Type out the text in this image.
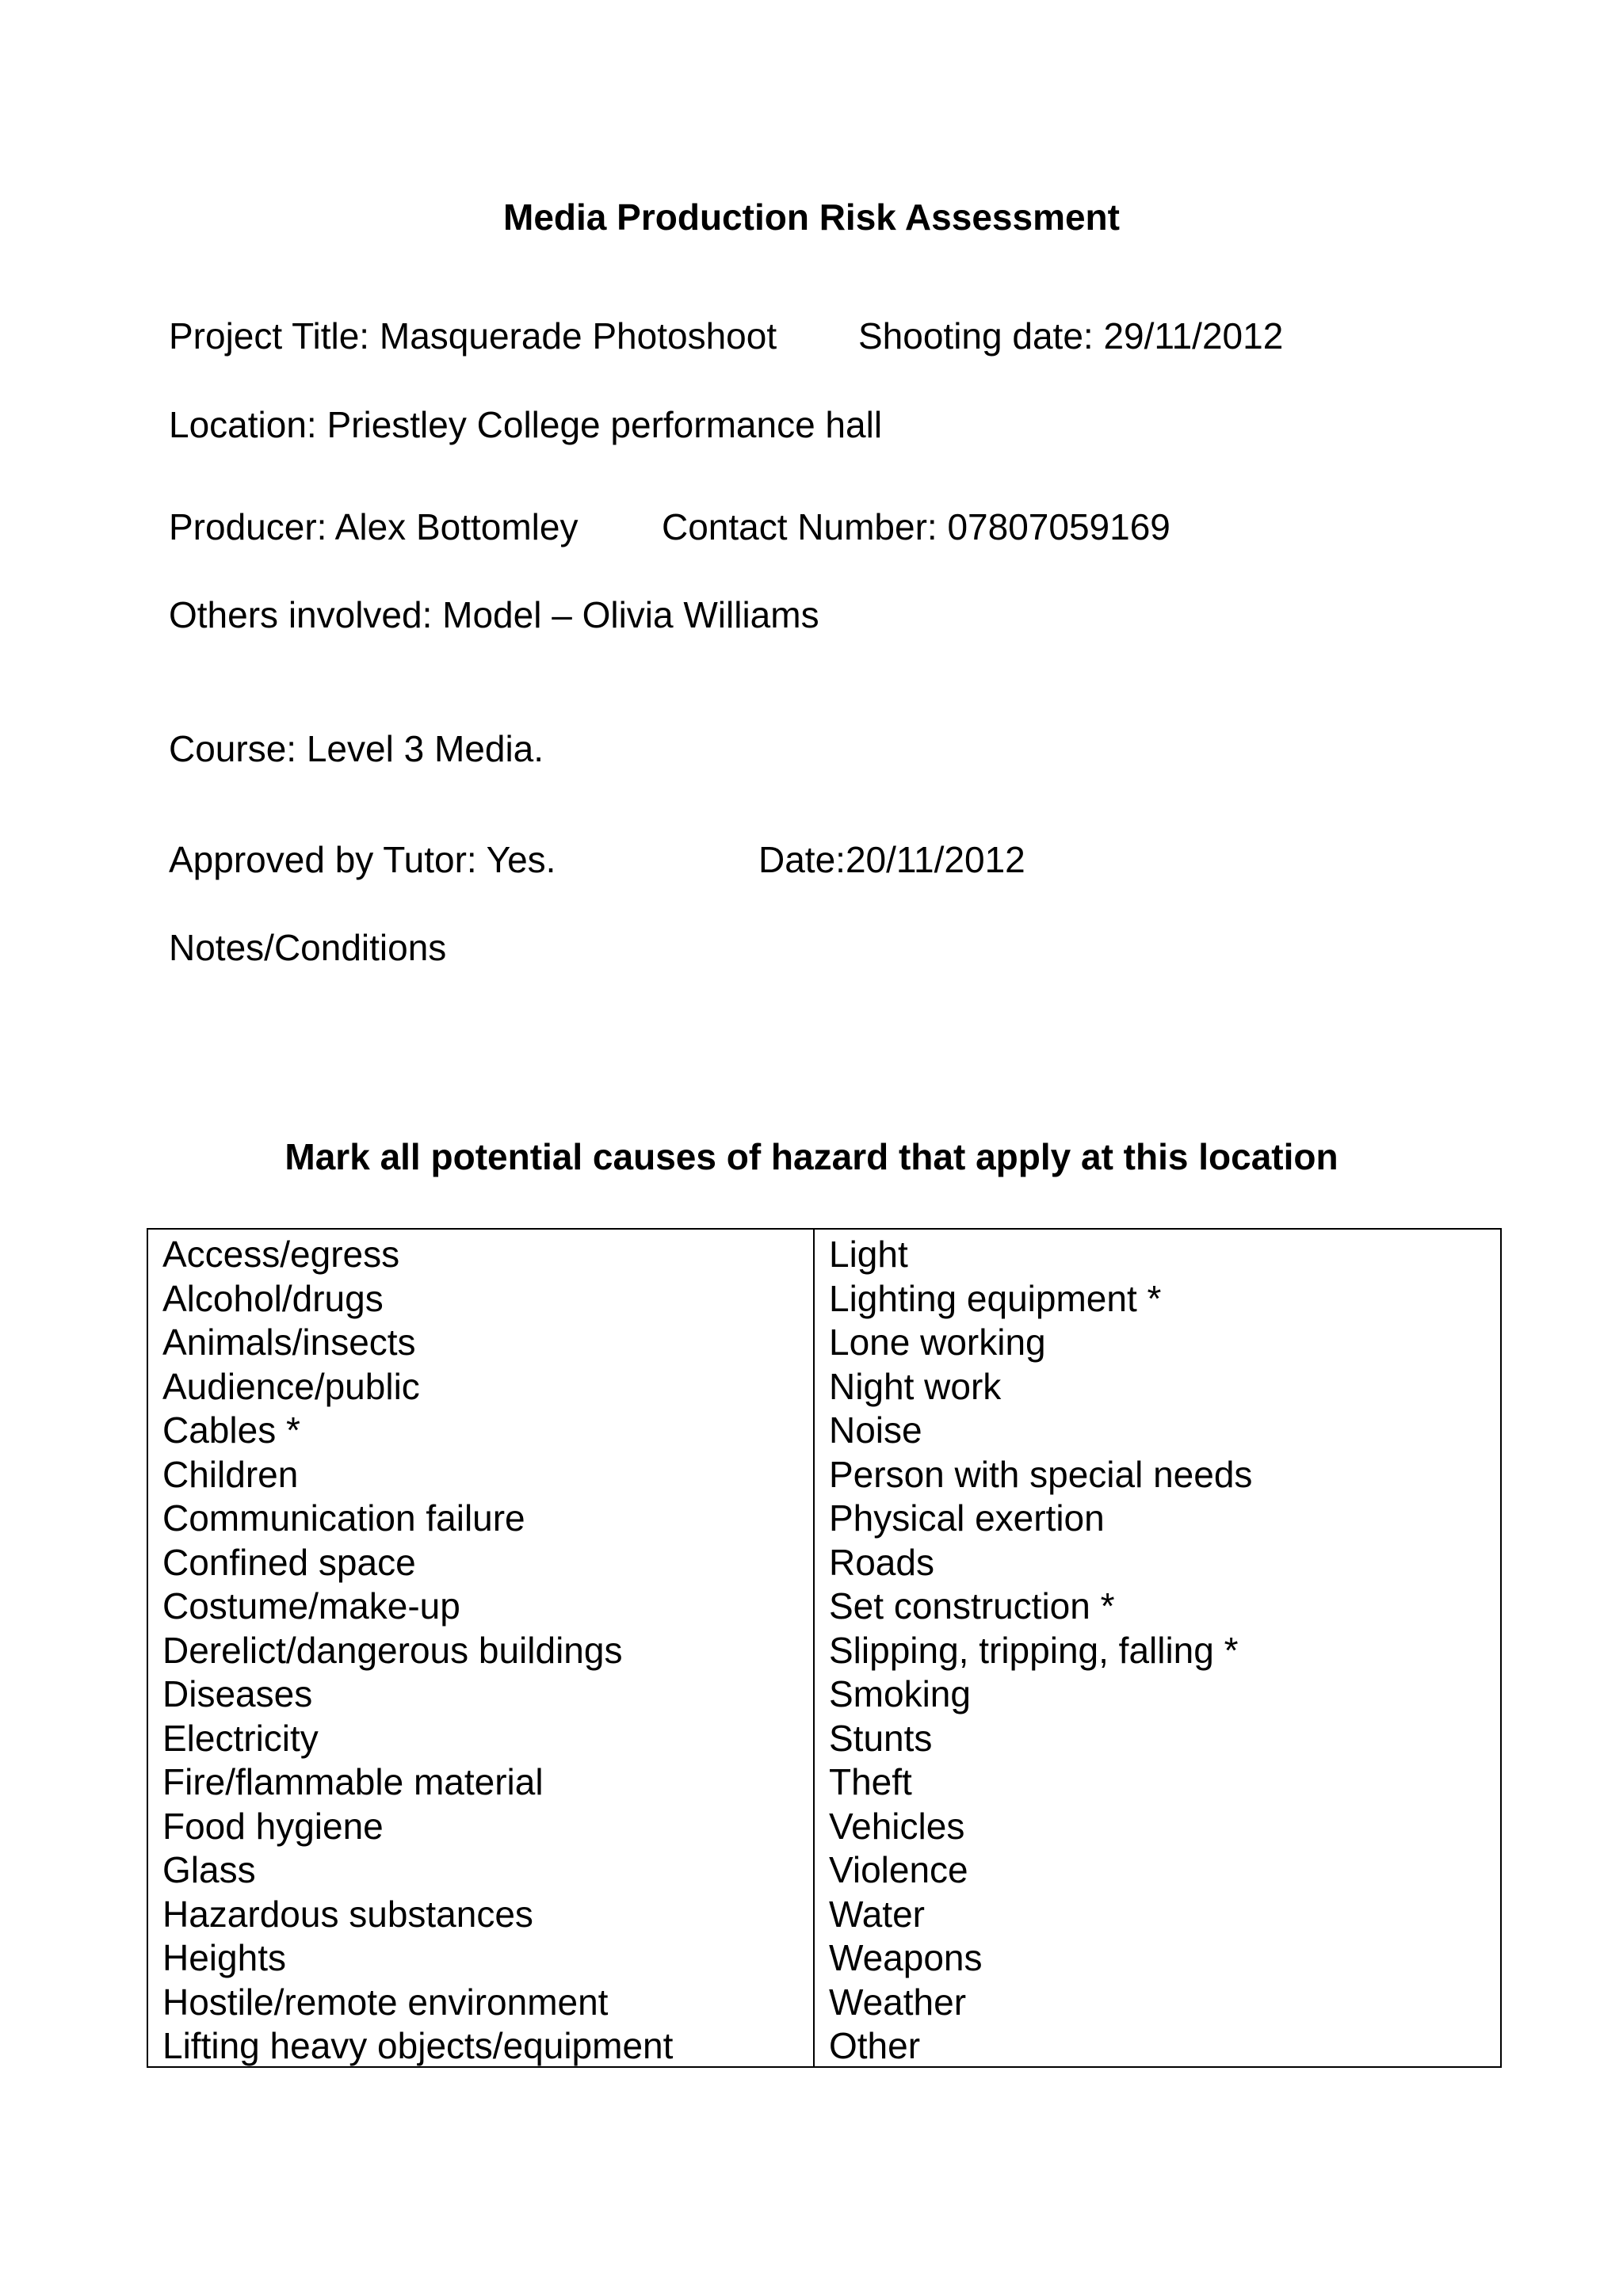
Media Production Risk Assessment
Project Title: Masquerade Photoshoot Shooting date: 29/11/2012
Location: Priestley College performance hall
Producer: Alex Bottomley Contact Number: 07807059169
Others involved: Model – Olivia Williams
Course: Level 3 Media.
Approved by Tutor: Yes.	Date:20/11/2012
Notes/Conditions
Mark all potential causes of hazard that apply at this location
Access/egress
Alcohol/drugs
Animals/insects
Audience/public
Cables *
Children
Communication failure
Confined space
Costume/make-up
Derelict/dangerous buildings
Diseases
Electricity
Fire/flammable material
Food hygiene
Glass
Hazardous substances
Heights
Hostile/remote environment
Lifting heavy objects/equipment
Light
Lighting equipment *
Lone working
Night work
Noise
Person with special needs
Physical exertion
Roads
Set construction *
Slipping, tripping, falling *
Smoking
Stunts
Theft
Vehicles
Violence
Water
Weapons
Weather
Other
